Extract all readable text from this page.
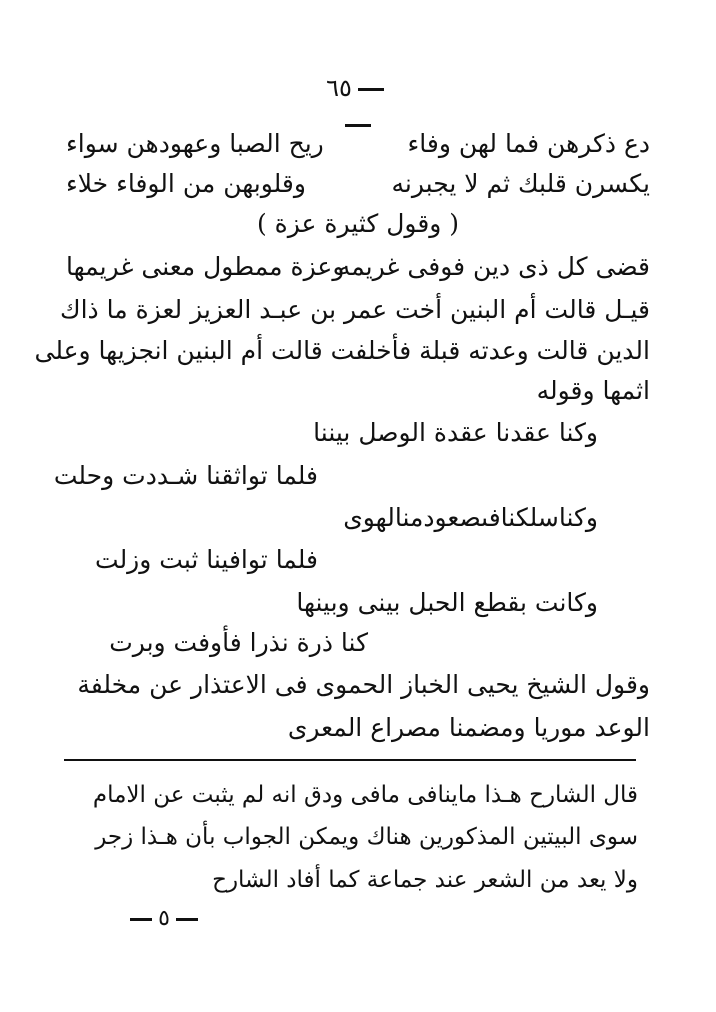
٦٥
دع ذكرهن فما لهن وفاء
ريح الصبا وعهودهن سواء
يكسرن قلبك ثم لا يجبرنه
وقلوبهن من الوفاء خلاء
( وقول كثيرة عزة )
قضى كل ذى دين فوفى غريمه
وعزة ممطول معنى غريمها
قيـل قالت أم البنين أخت عمر بن عبـد العزيز لعزة ما ذاك
الدين قالت وعدته قبلة فأخلفت قالت أم البنين انجزيها وعلى
اثمها وقوله
وكنا عقدنا عقدة الوصل بيننا
فلما تواثقنا شـددت وحلت
وكناسلكنافىصعودمنالهوى
فلما توافينا ثبت وزلت
وكانت بقطع الحبل بينى وبينها
كنا ذرة نذرا فأوفت وبرت
وقول الشيخ يحيى الخباز الحموى فى الاعتذار عن مخلفة
الوعد موريا ومضمنا مصراع المعرى
قال الشارح هـذا ماينافى مافى ودق انه لم يثبت عن الامام
سوى البيتين المذكورين هناك ويمكن الجواب بأن هـذا زجر
ولا يعد من الشعر عند جماعة كما أفاد الشارح
٥
